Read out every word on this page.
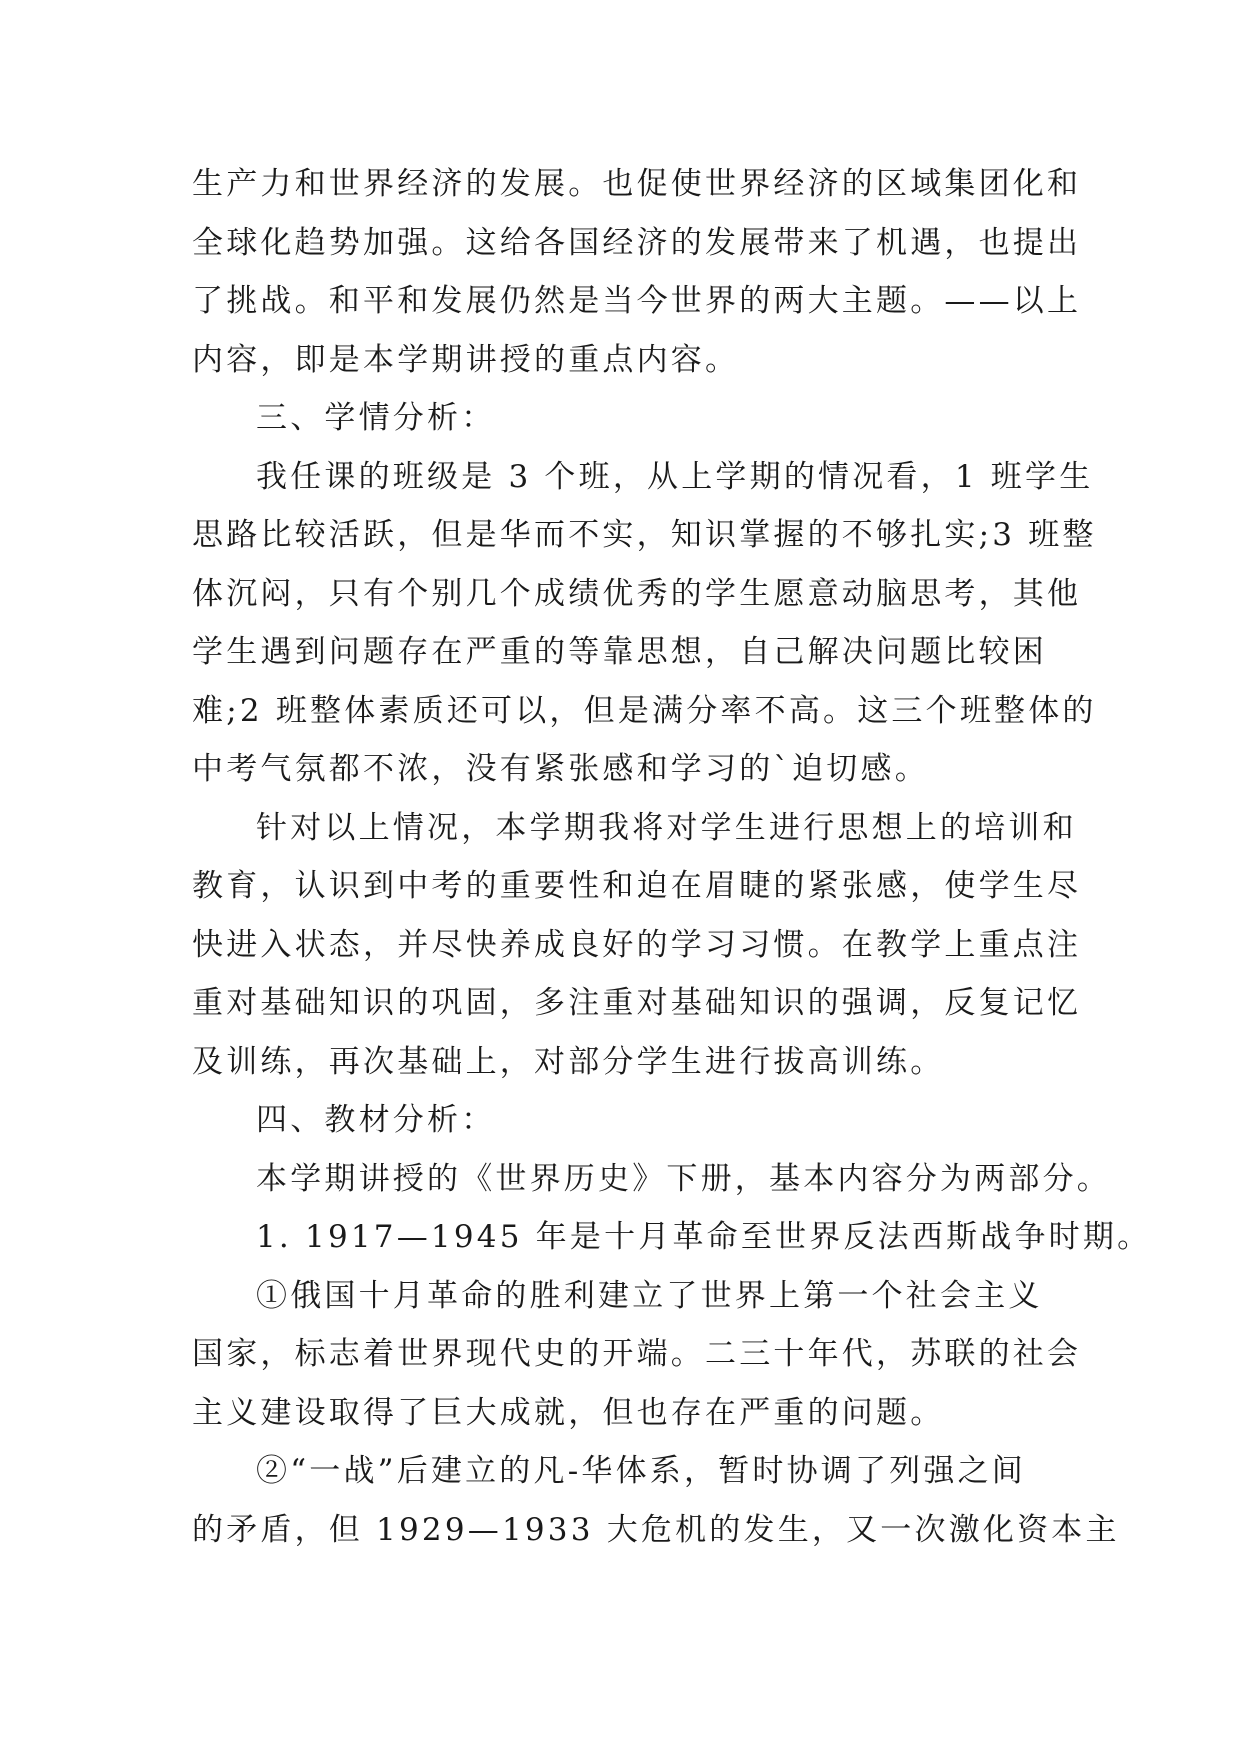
生产力和世界经济的发展。也促使世界经济的区域集团化和
全球化趋势加强。这给各国经济的发展带来了机遇，也提出
了挑战。和平和发展仍然是当今世界的两大主题。——以上
内容，即是本学期讲授的重点内容。
三、学情分析：
我任课的班级是 3 个班，从上学期的情况看，1 班学生
思路比较活跃，但是华而不实，知识掌握的不够扎实;3 班整
体沉闷，只有个别几个成绩优秀的学生愿意动脑思考，其他
学生遇到问题存在严重的等靠思想，自己解决问题比较困
难;2 班整体素质还可以，但是满分率不高。这三个班整体的
中考气氛都不浓，没有紧张感和学习的`迫切感。
针对以上情况，本学期我将对学生进行思想上的培训和
教育，认识到中考的重要性和迫在眉睫的紧张感，使学生尽
快进入状态，并尽快养成良好的学习习惯。在教学上重点注
重对基础知识的巩固，多注重对基础知识的强调，反复记忆
及训练，再次基础上，对部分学生进行拔高训练。
四、教材分析：
本学期讲授的《世界历史》下册，基本内容分为两部分。
1. 1917—1945 年是十月革命至世界反法西斯战争时期。
①俄国十月革命的胜利建立了世界上第一个社会主义
国家，标志着世界现代史的开端。二三十年代，苏联的社会
主义建设取得了巨大成就，但也存在严重的问题。
②“一战”后建立的凡-华体系，暂时协调了列强之间
的矛盾，但 1929—1933 大危机的发生，又一次激化资本主
